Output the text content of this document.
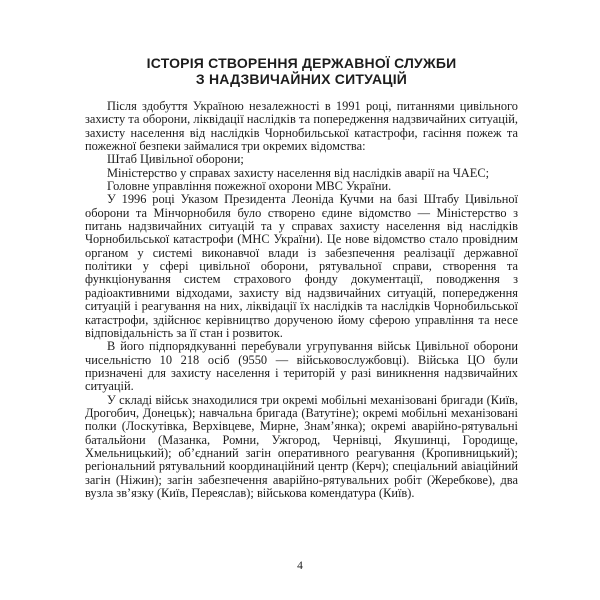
ІСТОРІЯ СТВОРЕННЯ ДЕРЖАВНОЇ СЛУЖБИ
З НАДЗВИЧАЙНИХ СИТУАЦІЙ

Після здобуття Україною незалежності в 1991 році, питаннями цивільного захисту та оборони, ліквідації наслідків та попередження надзвичайних ситуацій, захисту населення від наслідків Чорнобильської катастрофи, гасіння пожеж та пожежної безпеки займалися три окремих відомства:

Штаб Цивільної оборони;

Міністерство у справах захисту населення від наслідків аварії на ЧАЕС;

Головне управління пожежної охорони МВС України.

У 1996 році Указом Президента Леоніда Кучми на базі Штабу Цивільної оборони та Мінчорнобиля було створено єдине відомство — Міністерство з питань надзвичайних ситуацій та у справах захисту населення від наслідків Чорнобильської катастрофи (МНС України). Це нове відомство стало провідним органом у системі виконавчої влади із забезпечення реалізації державної політики у сфері цивільної оборони, рятувальної справи, створення та функціонування систем страхового фонду документації, поводження з радіоактивними відходами, захисту від надзвичайних ситуацій, попередження ситуацій і реагування на них, ліквідації їх наслідків та наслідків Чорнобильської катастрофи, здійснює керівництво дорученою йому сферою управління та несе відповідальність за її стан і розвиток.

В його підпорядкуванні перебували угрупування військ Цивільної оборони чисельністю 10 218 осіб (9550 — військовослужбовці). Війська ЦО були призначені для захисту населення і територій у разі виникнення надзвичайних ситуацій.

У складі військ знаходилися три окремі мобільні механізовані бригади (Київ, Дрогобич, Донецьк); навчальна бригада (Ватутіне); окремі мобільні механізовані полки (Лоскутівка, Верхівцеве, Мирне, Знам’янка); окремі аварійно-рятувальні батальйони (Мазанка, Ромни, Ужгород, Чернівці, Якушинці, Городище, Хмельницький); об’єднаний загін оперативного реагування (Кропивницький); регіональний рятувальний координаційний центр (Керч); спеціальний авіаційний загін (Ніжин); загін забезпечення аварійно-рятувальних робіт (Жеребкове), два вузла зв’язку (Київ, Переяслав); військова комендатура (Київ).

4
